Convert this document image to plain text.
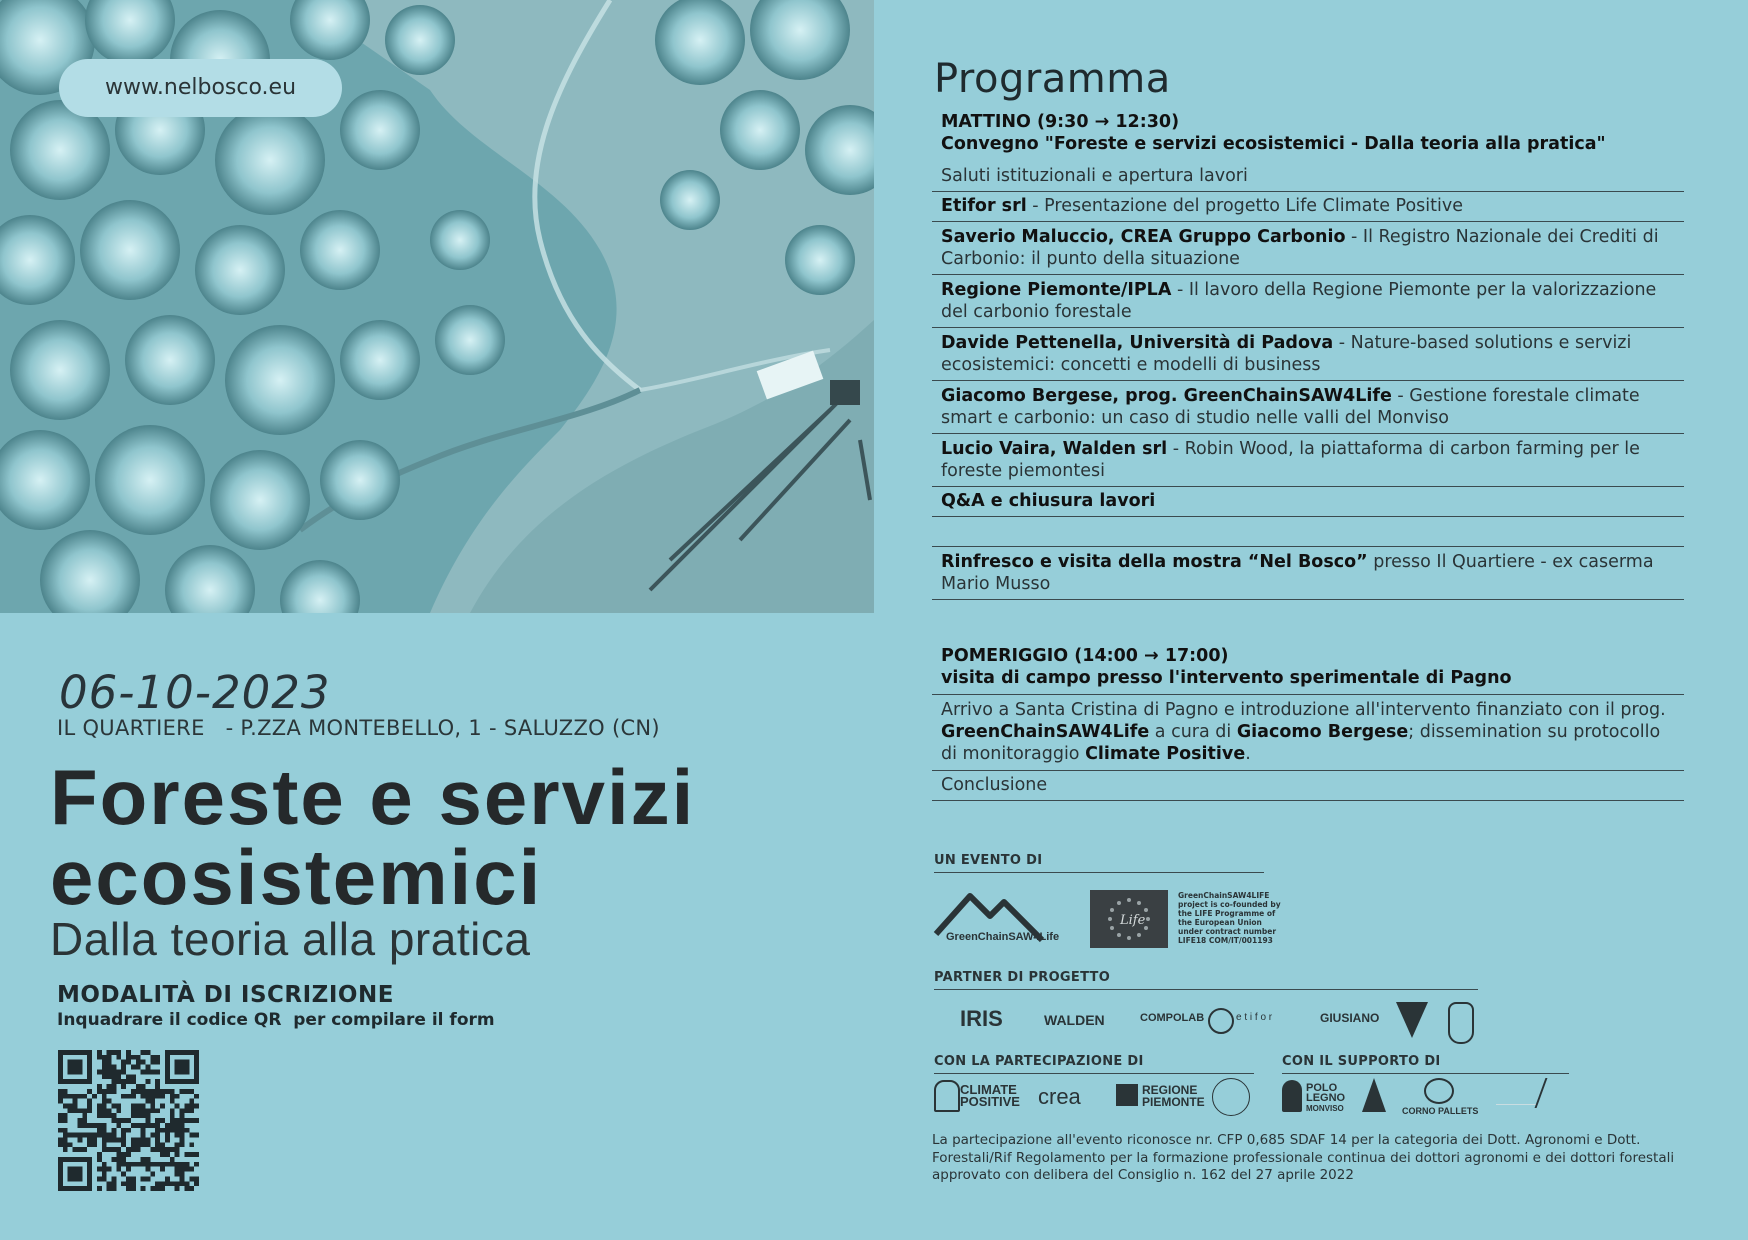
www.nelbosco.eu
06-10-2023
IL QUARTIERE   - P.ZZA MONTEBELLO, 1 - SALUZZO (CN)
Foreste e servizi
ecosistemici
Dalla teoria alla pratica
MODALITÀ DI ISCRIZIONE
Inquadrare il codice QR  per compilare il form
Programma
MATTINO (9:30 → 12:30)
Convegno "Foreste e servizi ecosistemici - Dalla teoria alla pratica"
Saluti istituzionali e apertura lavori
Etifor srl - Presentazione del progetto Life Climate Positive
Saverio Maluccio, CREA Gruppo Carbonio - Il Registro Nazionale dei Crediti di Carbonio: il punto della situazione
Regione Piemonte/IPLA - Il lavoro della Regione Piemonte per la valorizzazione del carbonio forestale
Davide Pettenella, Università di Padova - Nature-based solutions e servizi ecosistemici: concetti e modelli di business
Giacomo Bergese, prog. GreenChainSAW4Life - Gestione forestale climate smart e carbonio: un caso di studio nelle valli del Monviso
Lucio Vaira, Walden srl - Robin Wood, la piattaforma di carbon farming per le foreste piemontesi
Q&A e chiusura lavori
Rinfresco e visita della mostra “Nel Bosco” presso Il Quartiere - ex caserma Mario Musso
POMERIGGIO (14:00 → 17:00)
visita di campo presso l'intervento sperimentale di Pagno
Arrivo a Santa Cristina di Pagno e introduzione all'intervento finanziato con il prog. GreenChainSAW4Life a cura di Giacomo Bergese; dissemination su protocollo di monitoraggio Climate Positive.
Conclusione
UN EVENTO DI
GreenChainSAW4Life
Life
GreenChainSAW4LIFE project is co-founded by the LIFE Programme of the European Union under contract number LIFE18 COM/IT/001193
PARTNER DI PROGETTO
IRIS	WALDEN	COMPOLAB	e t i f o r	GIUSIANO
CON LA PARTECIPAZIONE DI
CLIMATE
POSITIVE crea	REGIONE
PIEMONTE
CON IL SUPPORTO DI
POLO
LEGNO
MONVISO	CORNO PALLETS
La partecipazione all'evento riconosce nr. CFP 0,685 SDAF 14 per la categoria dei Dott. Agronomi e Dott. Forestali/Rif Regolamento per la formazione professionale continua dei dottori agronomi e dei dottori forestali approvato con delibera del Consiglio n. 162 del 27 aprile 2022
